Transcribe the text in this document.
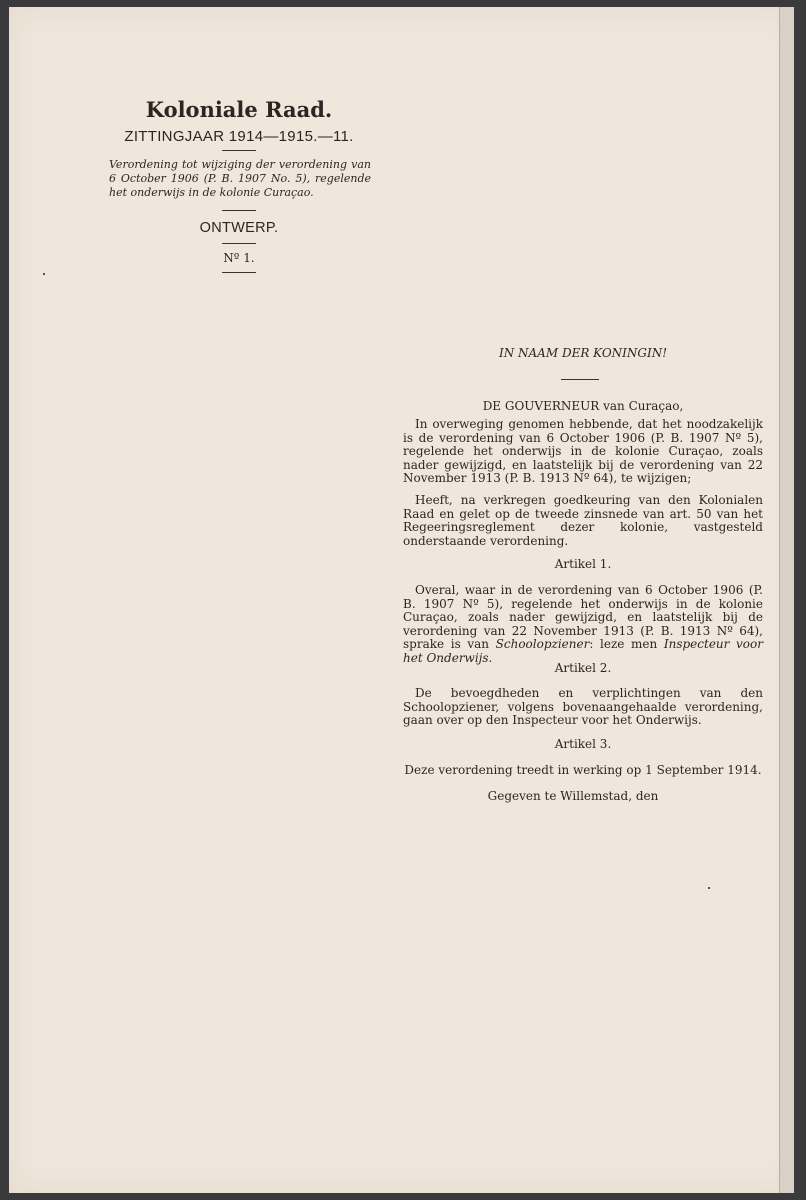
Koloniale Raad.
ZITTINGJAAR 1914—1915.—11.
Verordening tot wijziging der verordening van 6 October 1906 (P. B. 1907 No. 5), regelende het onderwijs in de kolonie Curaçao.
ONTWERP.
Nº 1.
IN NAAM DER KONINGIN!
DE GOUVERNEUR van Curaçao,
In overweging genomen hebbende, dat het noodzakelijk is de verordening van 6 October 1906 (P. B. 1907 Nº 5), regelende het onderwijs in de kolonie Curaçao, zoals nader gewijzigd, en laatstelijk bij de verordening van 22 November 1913 (P. B. 1913 Nº 64), te wijzigen;
Heeft, na verkregen goedkeuring van den Kolonialen Raad en gelet op de tweede zinsnede van art. 50 van het Regeeringsreglement dezer kolonie, vastgesteld onderstaande verordening.
Artikel 1.
Overal, waar in de verordening van 6 October 1906 (P. B. 1907 Nº 5), regelende het onderwijs in de kolonie Curaçao, zoals nader gewijzigd, en laatstelijk bij de verordening van 22 November 1913 (P. B. 1913 Nº 64), sprake is van Schoolopziener: leze men Inspecteur voor het Onderwijs.
Artikel 2.
De bevoegdheden en verplichtingen van den Schoolopziener, volgens bovenaangehaalde verordening, gaan over op den Inspecteur voor het Onderwijs.
Artikel 3.
Deze verordening treedt in werking op 1 September 1914.
Gegeven te Willemstad, den
